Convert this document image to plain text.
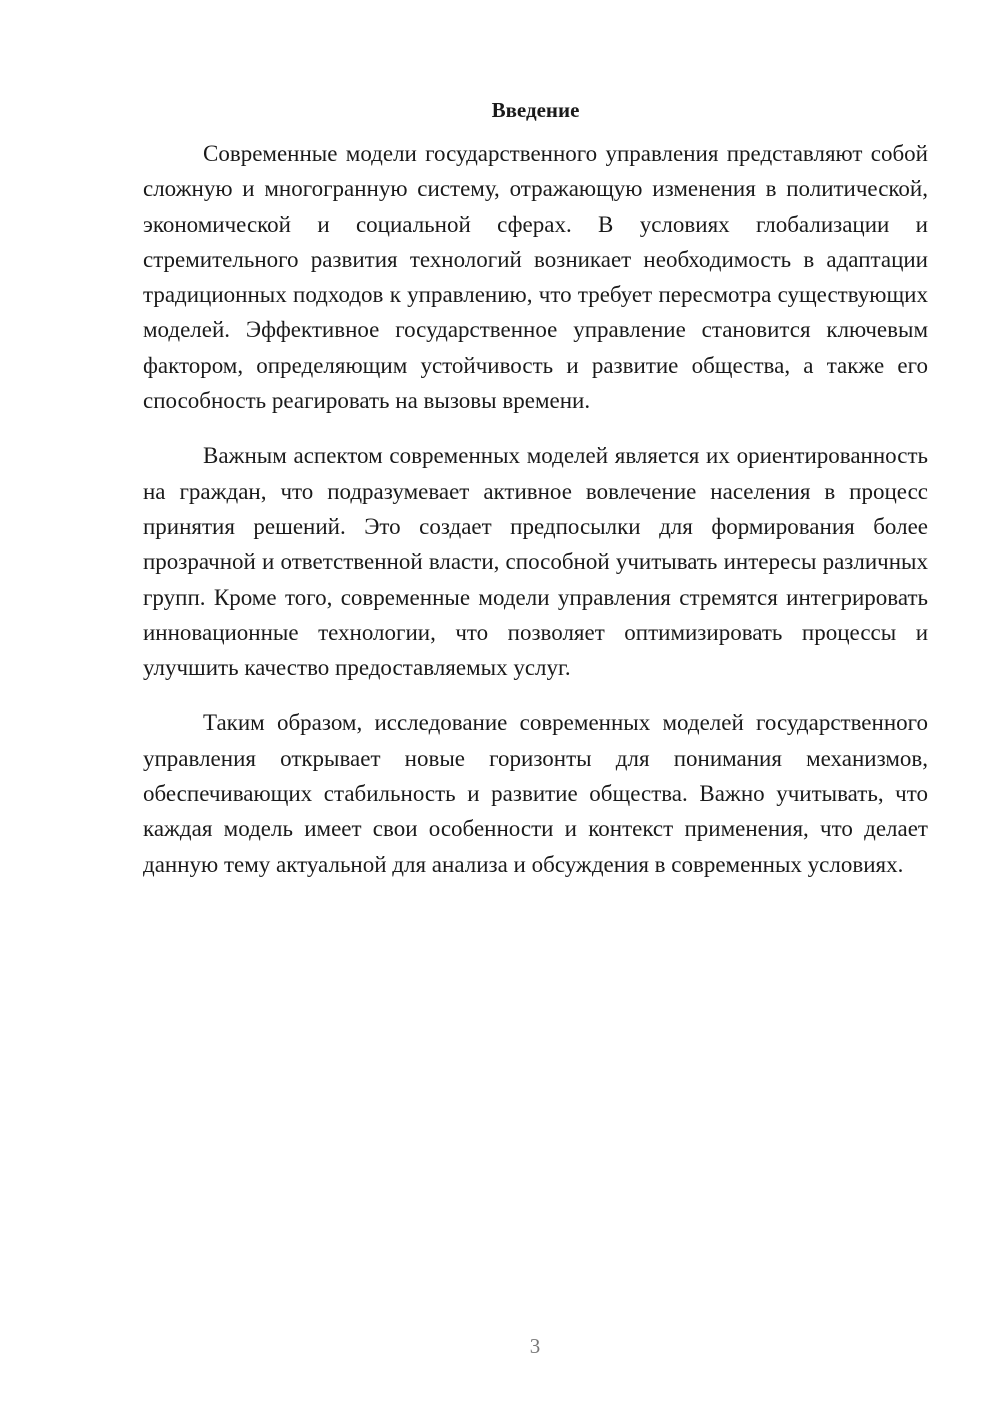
Введение

Современные модели государственного управления представляют собой сложную и многогранную систему, отражающую изменения в политической, экономической и социальной сферах. В условиях глобализации и стремительного развития технологий возникает необходимость в адаптации традиционных подходов к управлению, что требует пересмотра существующих моделей. Эффективное государственное управление становится ключевым фактором, определяющим устойчивость и развитие общества, а также его способность реагировать на вызовы времени.

Важным аспектом современных моделей является их ориентированность на граждан, что подразумевает активное вовлечение населения в процесс принятия решений. Это создает предпосылки для формирования более прозрачной и ответственной власти, способной учитывать интересы различных групп. Кроме того, современные модели управления стремятся интегрировать инновационные технологии, что позволяет оптимизировать процессы и улучшить качество предоставляемых услуг.

Таким образом, исследование современных моделей государственного управления открывает новые горизонты для понимания механизмов, обеспечивающих стабильность и развитие общества. Важно учитывать, что каждая модель имеет свои особенности и контекст применения, что делает данную тему актуальной для анализа и обсуждения в современных условиях.

3
